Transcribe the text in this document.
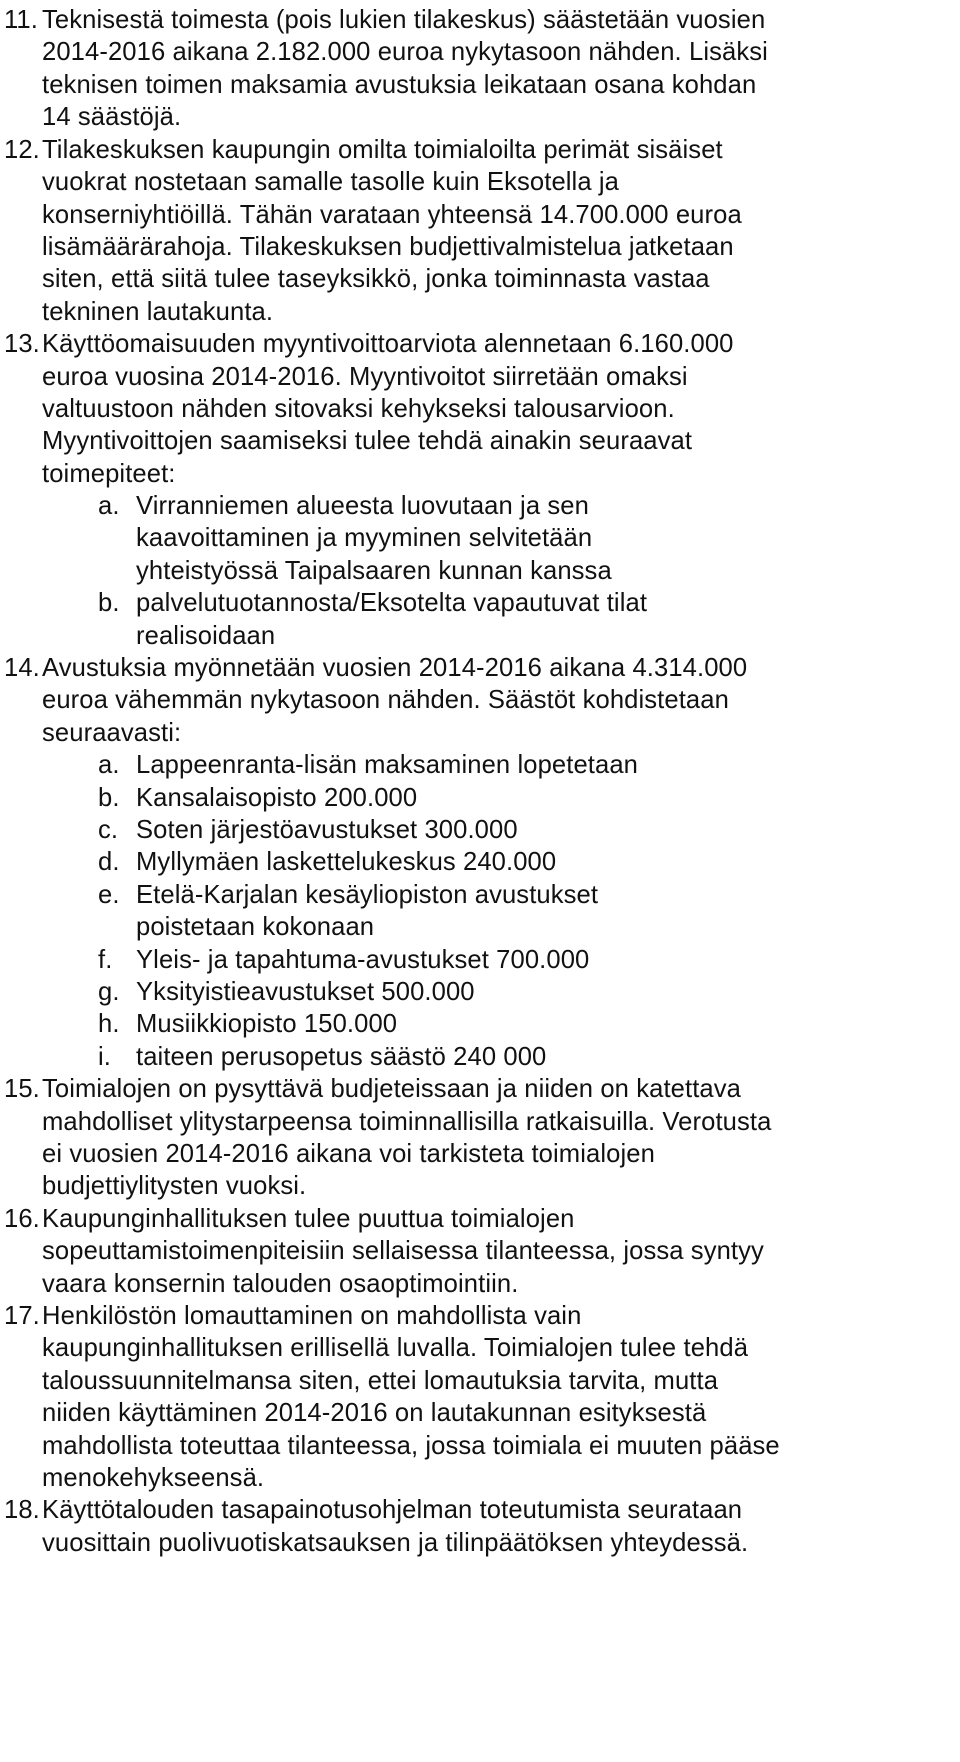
11. Teknisestä toimesta (pois lukien tilakeskus) säästetään vuosien
2014-2016 aikana 2.182.000 euroa nykytasoon nähden. Lisäksi
teknisen toimen maksamia avustuksia leikataan osana kohdan
14 säästöjä.
12. Tilakeskuksen kaupungin omilta toimialoilta perimät sisäiset
vuokrat nostetaan samalle tasolle kuin Eksotella ja
konserniyhtiöillä. Tähän varataan yhteensä 14.700.000 euroa
lisämäärärahoja. Tilakeskuksen budjettivalmistelua jatketaan
siten, että siitä tulee taseyksikkö, jonka toiminnasta vastaa
tekninen lautakunta.
13. Käyttöomaisuuden myyntivoittoarviota alennetaan 6.160.000
euroa vuosina 2014-2016. Myyntivoitot siirretään omaksi
valtuustoon nähden sitovaksi kehykseksi talousarvioon.
Myyntivoittojen saamiseksi tulee tehdä ainakin seuraavat
toimepiteet:
a. Virranniemen alueesta luovutaan ja sen
kaavoittaminen ja myyminen selvitetään
yhteistyössä Taipalsaaren kunnan kanssa
b. palvelutuotannosta/Eksotelta vapautuvat tilat
realisoidaan
14. Avustuksia myönnetään vuosien 2014-2016 aikana 4.314.000
euroa vähemmän nykytasoon nähden. Säästöt kohdistetaan
seuraavasti:
a. Lappeenranta-lisän maksaminen lopetetaan
b. Kansalaisopisto 200.000
c. Soten järjestöavustukset 300.000
d. Myllymäen laskettelukeskus 240.000
e. Etelä-Karjalan kesäyliopiston avustukset
poistetaan kokonaan
f. Yleis- ja tapahtuma-avustukset 700.000
g. Yksityistieavustukset 500.000
h. Musiikkiopisto 150.000
i. taiteen perusopetus säästö 240 000
15. Toimialojen on pysyttävä budjeteissaan ja niiden on katettava
mahdolliset ylitystarpeensa toiminnallisilla ratkaisuilla. Verotusta
ei vuosien 2014-2016 aikana voi tarkisteta toimialojen
budjettiylitysten vuoksi.
16. Kaupunginhallituksen tulee puuttua toimialojen
sopeuttamistoimenpiteisiin sellaisessa tilanteessa, jossa syntyy
vaara konsernin talouden osaoptimointiin.
17. Henkilöstön lomauttaminen on mahdollista vain
kaupunginhallituksen erillisellä luvalla. Toimialojen tulee tehdä
taloussuunnitelmansa siten, ettei lomautuksia tarvita, mutta
niiden käyttäminen 2014-2016 on lautakunnan esityksestä
mahdollista toteuttaa tilanteessa, jossa toimiala ei muuten pääse
menokehykseensä.
18. Käyttötalouden tasapainotusohjelman toteutumista seurataan
vuosittain puolivuotiskatsauksen ja tilinpäätöksen yhteydessä.
